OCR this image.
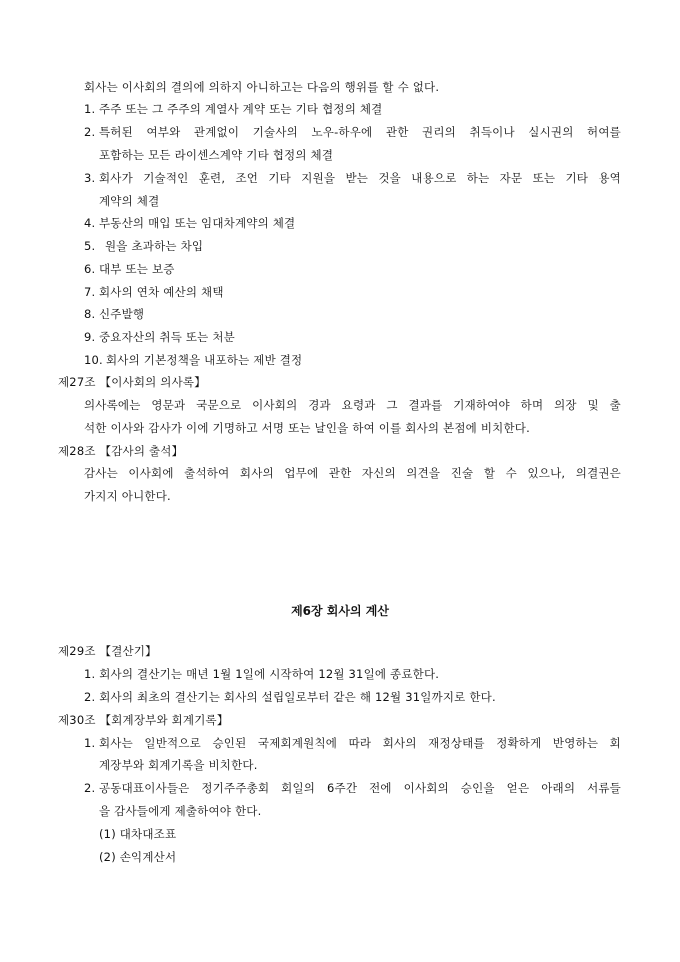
회사는 이사회의 결의에 의하지 아니하고는 다음의 행위를 할 수 없다.
1. 주주 또는 그 주주의 계열사 계약 또는 기타 협정의 체결
2. 특허된 여부와 관계없이 기술사의 노우-하우에 관한 권리의 취득이나 실시권의 허여를
포함하는 모든 라이센스계약 기타 협정의 체결
3. 회사가 기술적인 훈련, 조언 기타 지원을 받는 것을 내용으로 하는 자문 또는 기타 용역
계약의 체결
4. 부동산의 매입 또는 임대차계약의 체결
5. 원을 초과하는 차입
6. 대부 또는 보증
7. 회사의 연차 예산의 채택
8. 신주발행
9. 중요자산의 취득 또는 처분
10. 회사의 기본정책을 내포하는 제반 결정
제27조 【이사회의 의사록】
의사록에는 영문과 국문으로 이사회의 경과 요령과 그 결과를 기재하여야 하며 의장 및 출
석한 이사와 감사가 이에 기명하고 서명 또는 날인을 하여 이를 회사의 본점에 비치한다.
제28조 【감사의 출석】
감사는 이사회에 출석하여 회사의 업무에 관한 자신의 의견을 진술 할 수 있으나, 의결권은
가지지 아니한다.
제6장 회사의 계산
제29조 【결산기】
1. 회사의 결산기는 매년 1월 1일에 시작하여 12월 31일에 종료한다.
2. 회사의 최초의 결산기는 회사의 설립일로부터 같은 해 12월 31일까지로 한다.
제30조 【회계장부와 회계기록】
1. 회사는 일반적으로 승인된 국제회계원칙에 따라 회사의 재정상태를 정확하게 반영하는 회
계장부와 회계기록을 비치한다.
2. 공동대표이사들은 정기주주총회 회일의 6주간 전에 이사회의 승인을 얻은 아래의 서류들
을 감사들에게 제출하여야 한다.
(1) 대차대조표
(2) 손익계산서
